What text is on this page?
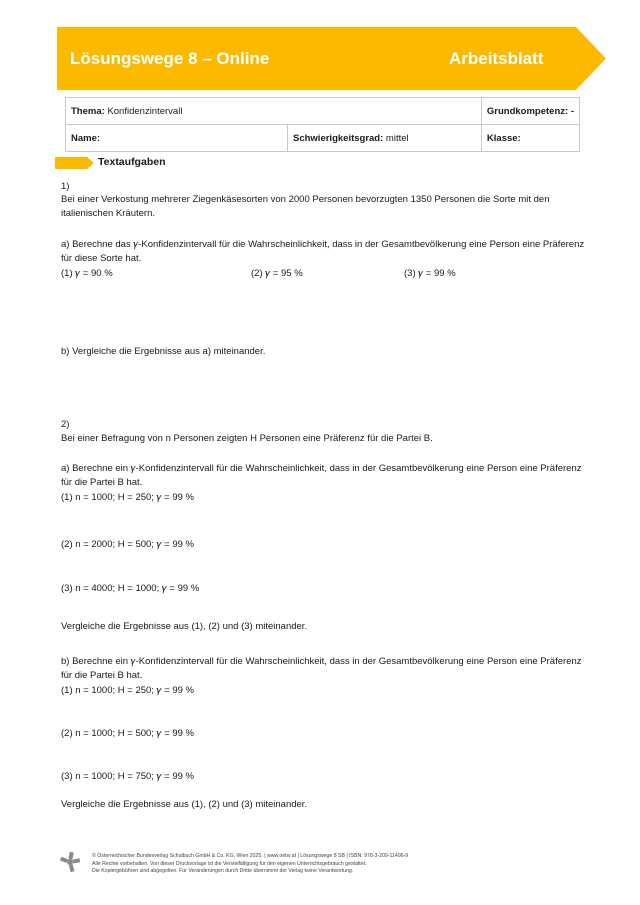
Lösungswege 8 – Online	Arbeitsblatt
Thema: Konfidenzintervall		Grundkompetenz: -
Name:	Schwierigkeitsgrad: mittel	Klasse:
Textaufgaben
1)
Bei einer Verkostung mehrerer Ziegenkäsesorten von 2000 Personen bevorzugten 1350 Personen die Sorte mit den
italienischen Kräutern.
a) Berechne das 𝛾-Konfidenzintervall für die Wahrscheinlichkeit, dass in der Gesamtbevölkerung eine Person eine Präferenz
für diese Sorte hat.
(1) 𝛾 = 90 %	(2) 𝛾 = 95 %	(3) 𝛾 = 99 %
b) Vergleiche die Ergebnisse aus a) miteinander.
2)
Bei einer Befragung von n Personen zeigten H Personen eine Präferenz für die Partei B.
a) Berechne ein 𝛾-Konfidenzintervall für die Wahrscheinlichkeit, dass in der Gesamtbevölkerung eine Person eine Präferenz
für die Partei B hat.
(1) n = 1000; H = 250; 𝛾 = 99 %
(2) n = 2000; H = 500; 𝛾 = 99 %
(3) n = 4000; H = 1000; 𝛾 = 99 %
Vergleiche die Ergebnisse aus (1), (2) und (3) miteinander.
b) Berechne ein 𝛾-Konfidenzintervall für die Wahrscheinlichkeit, dass in der Gesamtbevölkerung eine Person eine Präferenz
für die Partei B hat.
(1) n = 1000; H = 250; 𝛾 = 99 %
(2) n = 1000; H = 500; 𝛾 = 99 %
(3) n = 1000; H = 750; 𝛾 = 99 %
Vergleiche die Ergebnisse aus (1), (2) und (3) miteinander.
© Österreichischer Bundesverlag Schulbuch GmbH & Co. KG, Wien 2025. | www.oebv.at | Lösungswege 8 SB | ISBN: 978-3-209-11496-9
Alle Rechte vorbehalten. Von dieser Druckvorlage ist die Vervielfältigung für den eigenen Unterrichtsgebrauch gestattet.
Die Kopiergebühren sind abgegolten. Für Veränderungen durch Dritte übernimmt der Verlag keine Verantwortung.
